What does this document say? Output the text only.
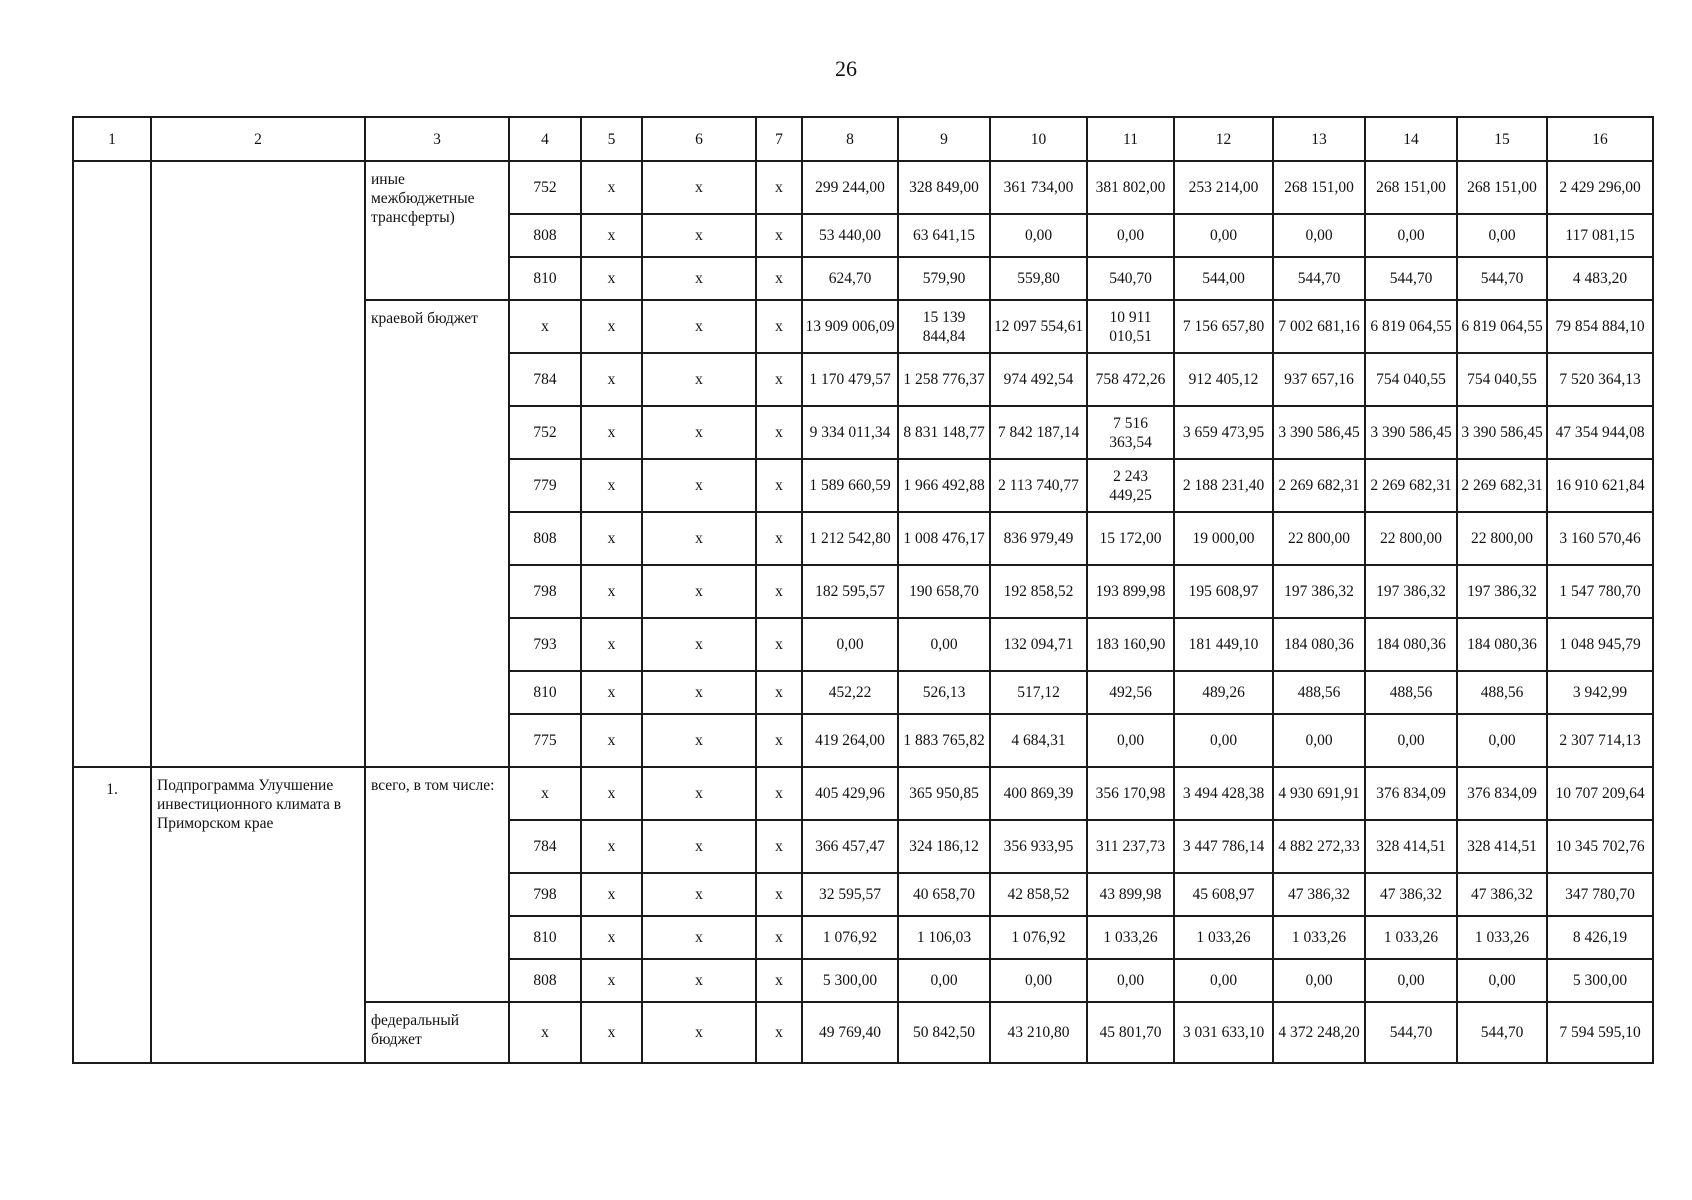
26
1	2	3	4	5	6	7	8	9	10	11	12	13	14	15	16
		иные межбюджетные трансферты)	752	х	х	х	299 244,00	328 849,00	361 734,00	381 802,00	253 214,00	268 151,00	268 151,00	268 151,00	2 429 296,00
			808	х	х	х	53 440,00	63 641,15	0,00	0,00	0,00	0,00	0,00	0,00	117 081,15
			810	х	х	х	624,70	579,90	559,80	540,70	544,00	544,70	544,70	544,70	4 483,20
		краевой бюджет	х	х	х	х	13 909 006,09	15 139 844,84	12 097 554,61	10 911 010,51	7 156 657,80	7 002 681,16	6 819 064,55	6 819 064,55	79 854 884,10
			784	х	х	х	1 170 479,57	1 258 776,37	974 492,54	758 472,26	912 405,12	937 657,16	754 040,55	754 040,55	7 520 364,13
			752	х	х	х	9 334 011,34	8 831 148,77	7 842 187,14	7 516 363,54	3 659 473,95	3 390 586,45	3 390 586,45	3 390 586,45	47 354 944,08
			779	х	х	х	1 589 660,59	1 966 492,88	2 113 740,77	2 243 449,25	2 188 231,40	2 269 682,31	2 269 682,31	2 269 682,31	16 910 621,84
			808	х	х	х	1 212 542,80	1 008 476,17	836 979,49	15 172,00	19 000,00	22 800,00	22 800,00	22 800,00	3 160 570,46
			798	х	х	х	182 595,57	190 658,70	192 858,52	193 899,98	195 608,97	197 386,32	197 386,32	197 386,32	1 547 780,70
			793	х	х	х	0,00	0,00	132 094,71	183 160,90	181 449,10	184 080,36	184 080,36	184 080,36	1 048 945,79
			810	х	х	х	452,22	526,13	517,12	492,56	489,26	488,56	488,56	488,56	3 942,99
			775	х	х	х	419 264,00	1 883 765,82	4 684,31	0,00	0,00	0,00	0,00	0,00	2 307 714,13
1.	Подпрограмма Улучшение инвестиционного климата в Приморском крае	всего, в том числе:	х	х	х	х	405 429,96	365 950,85	400 869,39	356 170,98	3 494 428,38	4 930 691,91	376 834,09	376 834,09	10 707 209,64
			784	х	х	х	366 457,47	324 186,12	356 933,95	311 237,73	3 447 786,14	4 882 272,33	328 414,51	328 414,51	10 345 702,76
			798	х	х	х	32 595,57	40 658,70	42 858,52	43 899,98	45 608,97	47 386,32	47 386,32	47 386,32	347 780,70
			810	х	х	х	1 076,92	1 106,03	1 076,92	1 033,26	1 033,26	1 033,26	1 033,26	1 033,26	8 426,19
			808	х	х	х	5 300,00	0,00	0,00	0,00	0,00	0,00	0,00	0,00	5 300,00
		федеральный бюджет	х	х	х	х	49 769,40	50 842,50	43 210,80	45 801,70	3 031 633,10	4 372 248,20	544,70	544,70	7 594 595,10
